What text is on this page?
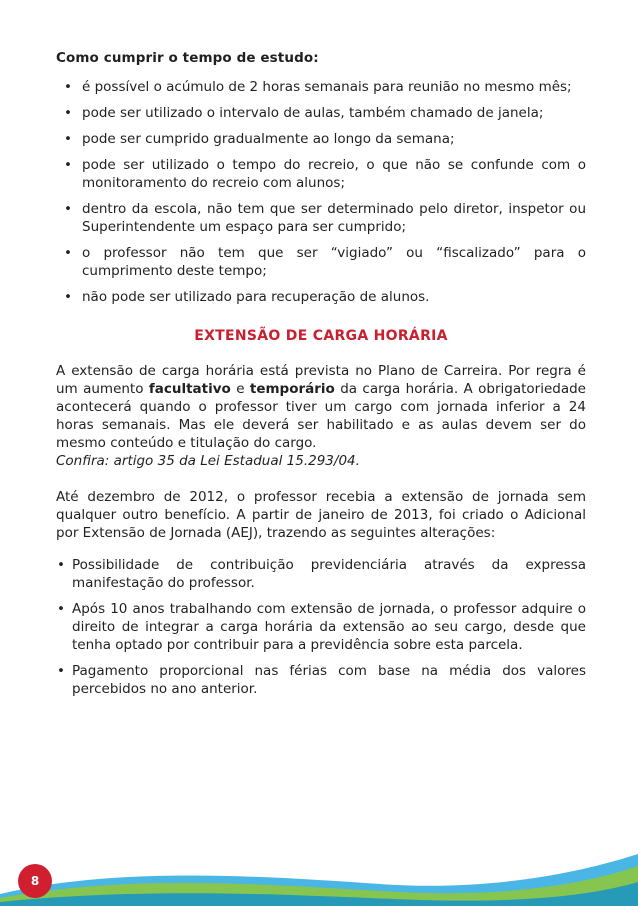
Como cumprir o tempo de estudo:
• é possível o acúmulo de 2 horas semanais para reunião no mesmo mês;
• pode ser utilizado o intervalo de aulas, também chamado de janela;
• pode ser cumprido gradualmente ao longo da semana;
• pode ser utilizado o tempo do recreio, o que não se confunde com o monitoramento do recreio com alunos;
• dentro da escola, não tem que ser determinado pelo diretor, inspetor ou Superintendente um espaço para ser cumprido;
• o professor não tem que ser “vigiado” ou “fiscalizado” para o cumprimento deste tempo;
• não pode ser utilizado para recuperação de alunos.
EXTENSÃO DE CARGA HORÁRIA

A extensão de carga horária está prevista no Plano de Carreira. Por regra é um aumento facultativo e temporário da carga horária. A obrigatoriedade acontecerá quando o professor tiver um cargo com jornada inferior a 24 horas semanais. Mas ele deverá ser habilitado e as aulas devem ser do mesmo conteúdo e titulação do cargo.
Confira: artigo 35 da Lei Estadual 15.293/04.

Até dezembro de 2012, o professor recebia a extensão de jornada sem qualquer outro benefício. A partir de janeiro de 2013, foi criado o Adicional por Extensão de Jornada (AEJ), trazendo as seguintes alterações:

• Possibilidade de contribuição previdenciária através da expressa manifestação do professor.
• Após 10 anos trabalhando com extensão de jornada, o professor adquire o direito de integrar a carga horária da extensão ao seu cargo, desde que tenha optado por contribuir para a previdência sobre esta parcela.
• Pagamento proporcional nas férias com base na média dos valores percebidos no ano anterior.
8
